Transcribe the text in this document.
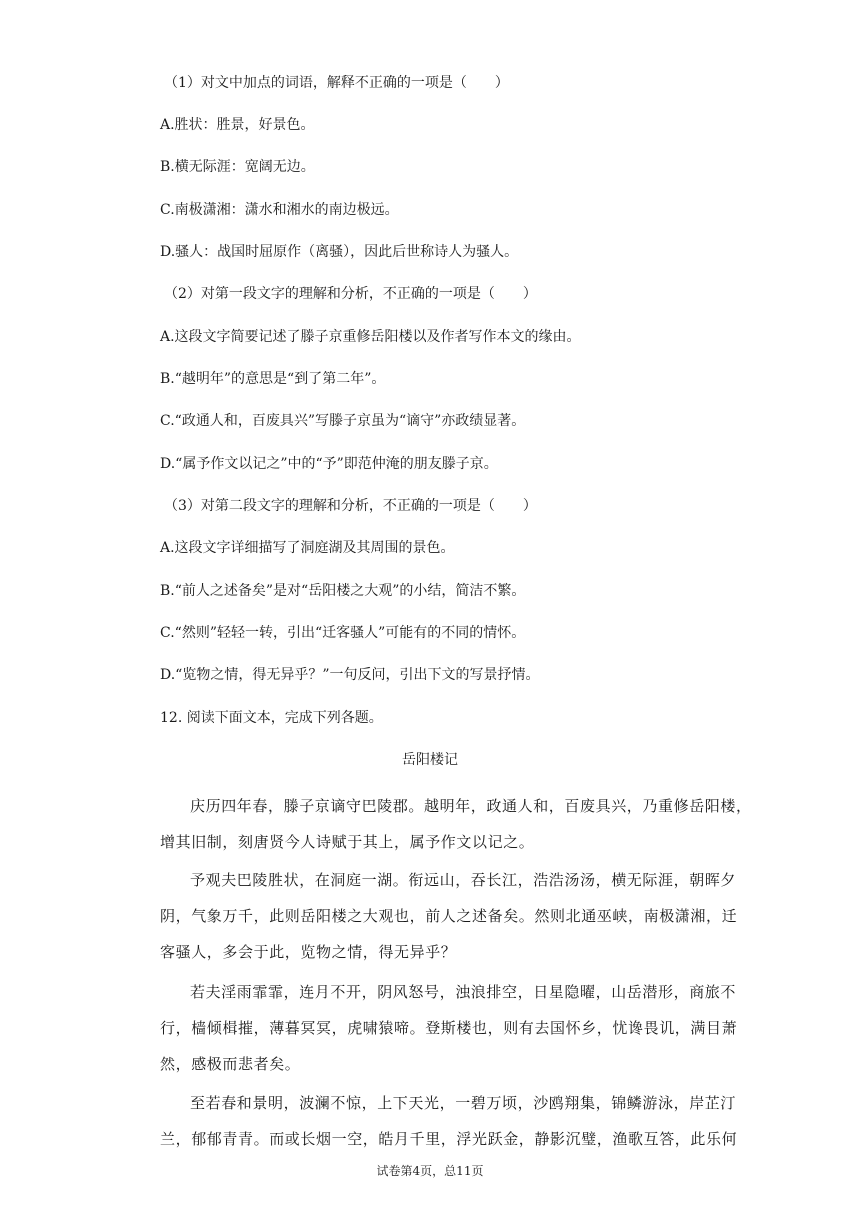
（1）对文中加点的词语，解释不正确的一项是（　　）
A.胜状：胜景，好景色。
B.横无际涯：宽阔无边。
C.南极潇湘：潇水和湘水的南边极远。
D.骚人：战国时屈原作（离骚），因此后世称诗人为骚人。
（2）对第一段文字的理解和分析，不正确的一项是（　　）
A.这段文字简要记述了滕子京重修岳阳楼以及作者写作本文的缘由。
B.“越明年”的意思是“到了第二年”。
C.“政通人和，百废具兴”写滕子京虽为“谪守”亦政绩显著。
D.“属予作文以记之”中的“予”即范仲淹的朋友滕子京。
（3）对第二段文字的理解和分析，不正确的一项是（　　）
A.这段文字详细描写了洞庭湖及其周围的景色。
B.“前人之述备矣”是对“岳阳楼之大观”的小结，简洁不繁。
C.“然则”轻轻一转，引出“迁客骚人”可能有的不同的情怀。
D.“览物之情，得无异乎？”一句反问，引出下文的写景抒情。
12. 阅读下面文本，完成下列各题。
岳阳楼记
庆历四年春，滕子京谪守巴陵郡。越明年，政通人和，百废具兴，乃重修岳阳楼，
增其旧制，刻唐贤今人诗赋于其上，属予作文以记之。
予观夫巴陵胜状，在洞庭一湖。衔远山，吞长江，浩浩汤汤，横无际涯，朝晖夕
阴，气象万千，此则岳阳楼之大观也，前人之述备矣。然则北通巫峡，南极潇湘，迁
客骚人，多会于此，览物之情，得无异乎？
若夫淫雨霏霏，连月不开，阴风怒号，浊浪排空，日星隐曜，山岳潜形，商旅不
行，樯倾楫摧，薄暮冥冥，虎啸猿啼。登斯楼也，则有去国怀乡，忧谗畏讥，满目萧
然，感极而悲者矣。
至若春和景明，波澜不惊，上下天光，一碧万顷，沙鸥翔集，锦鳞游泳，岸芷汀
兰，郁郁青青。而或长烟一空，皓月千里，浮光跃金，静影沉璧，渔歌互答，此乐何
试卷第4页，总11页
